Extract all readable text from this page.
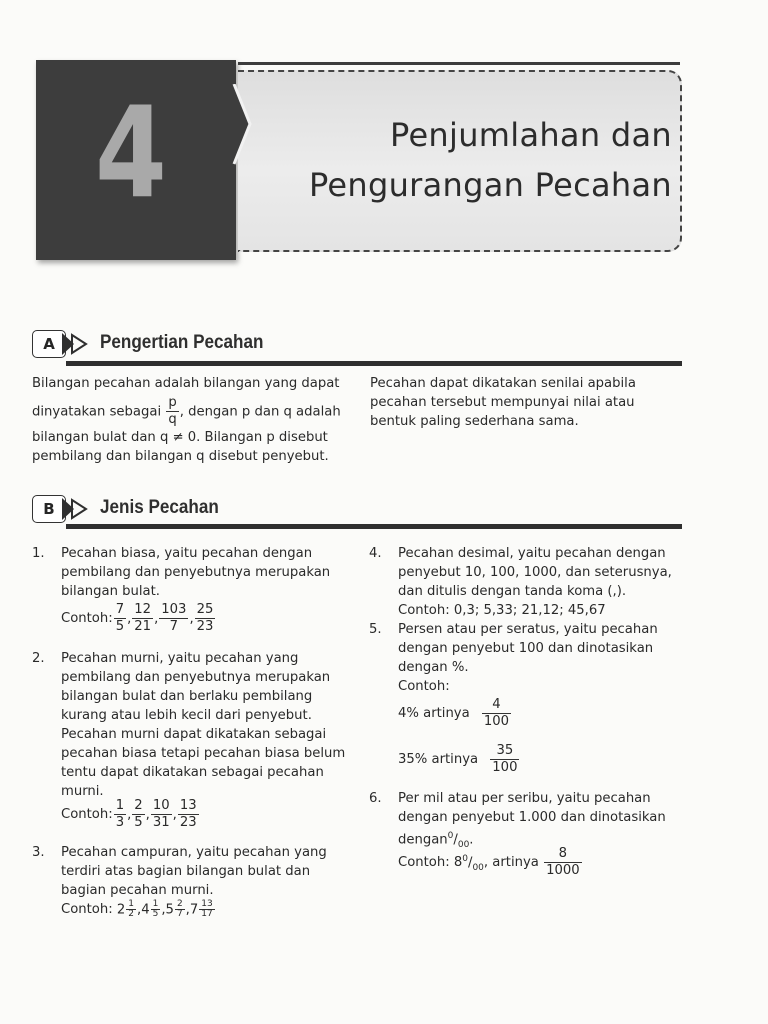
4	Penjumlahan dan
Pengurangan Pecahan
A	Pengertian Pecahan
Bilangan pecahan adalah bilangan yang dapat
dinyatakan sebagai $\frac{p}{q}$ , dengan p dan q adalah
bilangan bulat dan q ≠ 0. Bilangan p disebut
pembilang dan bilangan q disebut penyebut.
Pecahan dapat dikatakan senilai apabila
pecahan tersebut mempunyai nilai atau
bentuk paling sederhana sama.
B	Jenis Pecahan
1. Pecahan biasa, yaitu pecahan dengan
pembilang dan penyebutnya merupakan
bilangan bulat.
Contoh: $\frac{7}{5}$ , $\frac{12}{21}$ , $\frac{103}{7}$ , $\frac{25}{23}$
2. Pecahan murni, yaitu pecahan yang
pembilang dan penyebutnya merupakan
bilangan bulat dan berlaku pembilang
kurang atau lebih kecil dari penyebut.
Pecahan murni dapat dikatakan sebagai
pecahan biasa tetapi pecahan biasa belum
tentu dapat dikatakan sebagai pecahan
murni.
Contoh: $\frac{1}{3}$ , $\frac{2}{5}$ , $\frac{10}{31}$ , $\frac{13}{23}$
3. Pecahan campuran, yaitu pecahan yang
terdiri atas bagian bilangan bulat dan
bagian pecahan murni.
Contoh: $2 \frac{1}{2} ,4 \frac{1}{5} ,5 \frac{2}{7} ,7 \frac{13}{17}$
4. Pecahan desimal, yaitu pecahan dengan
penyebut 10, 100, 1000, dan seterusnya,
dan ditulis dengan tanda koma (,).
Contoh: 0,3; 5,33; 21,12; 45,67
5. Persen atau per seratus, yaitu pecahan
dengan penyebut 100 dan dinotasikan
dengan %.
Contoh:
4% artinya $\frac{4}{100}$
35% artinya $\frac{35}{100}$
6. Per mil atau per seribu, yaitu pecahan
dengan penyebut 1.000 dan dinotasikan
$dengan^0/_{00}$.
Contoh: $8^0/_{00}$, artinya $\frac{8}{1000}$
